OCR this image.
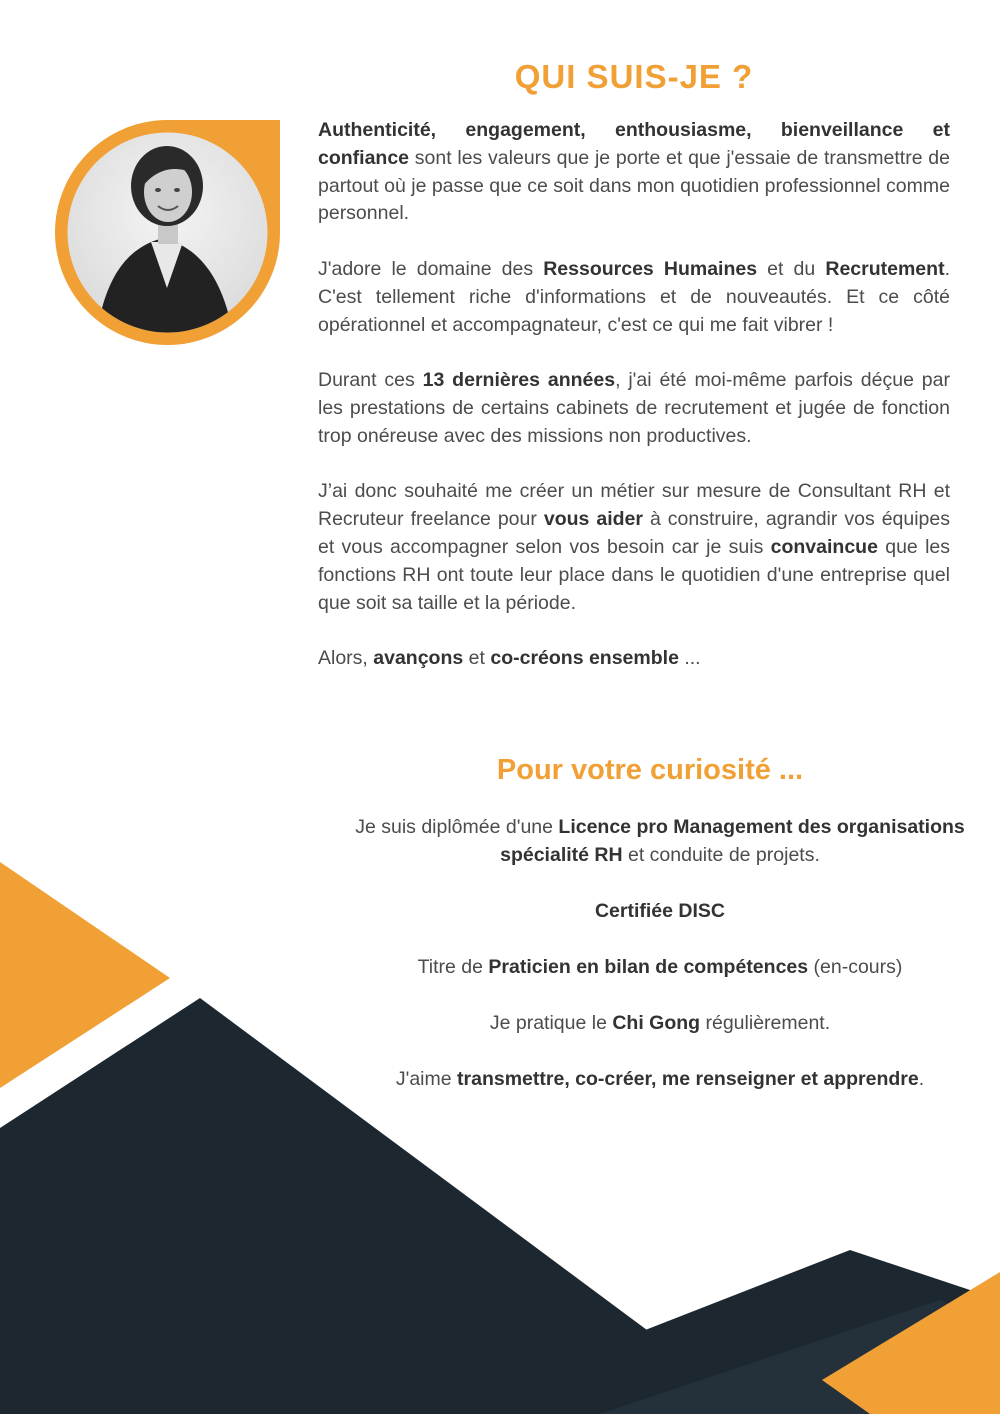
QUI SUIS-JE ?

Authenticité, engagement, enthousiasme, bienveillance et confiance sont les valeurs que je porte et que j'essaie de transmettre de partout où je passe que ce soit dans mon quotidien professionnel comme personnel.

J'adore le domaine des Ressources Humaines et du Recrutement. C'est tellement riche d'informations et de nouveautés. Et ce côté opérationnel et accompagnateur, c'est ce qui me fait vibrer !

Durant ces 13 dernières années, j'ai été moi-même parfois déçue par les prestations de certains cabinets de recrutement et jugée de fonction trop onéreuse avec des missions non productives.

J’ai donc souhaité me créer un métier sur mesure de Consultant RH et Recruteur freelance pour vous aider à construire, agrandir vos équipes et vous accompagner selon vos besoin car je suis convaincue que les fonctions RH ont toute leur place dans le quotidien d'une entreprise quel que soit sa taille et la période.

Alors, avançons et co-créons ensemble ...

Pour votre curiosité ...

Je suis diplômée d'une Licence pro Management des organisations spécialité RH et conduite de projets.

Certifiée DISC

Titre de Praticien en bilan de compétences (en-cours)

Je pratique le Chi Gong régulièrement.

J'aime transmettre, co-créer, me renseigner et apprendre.
